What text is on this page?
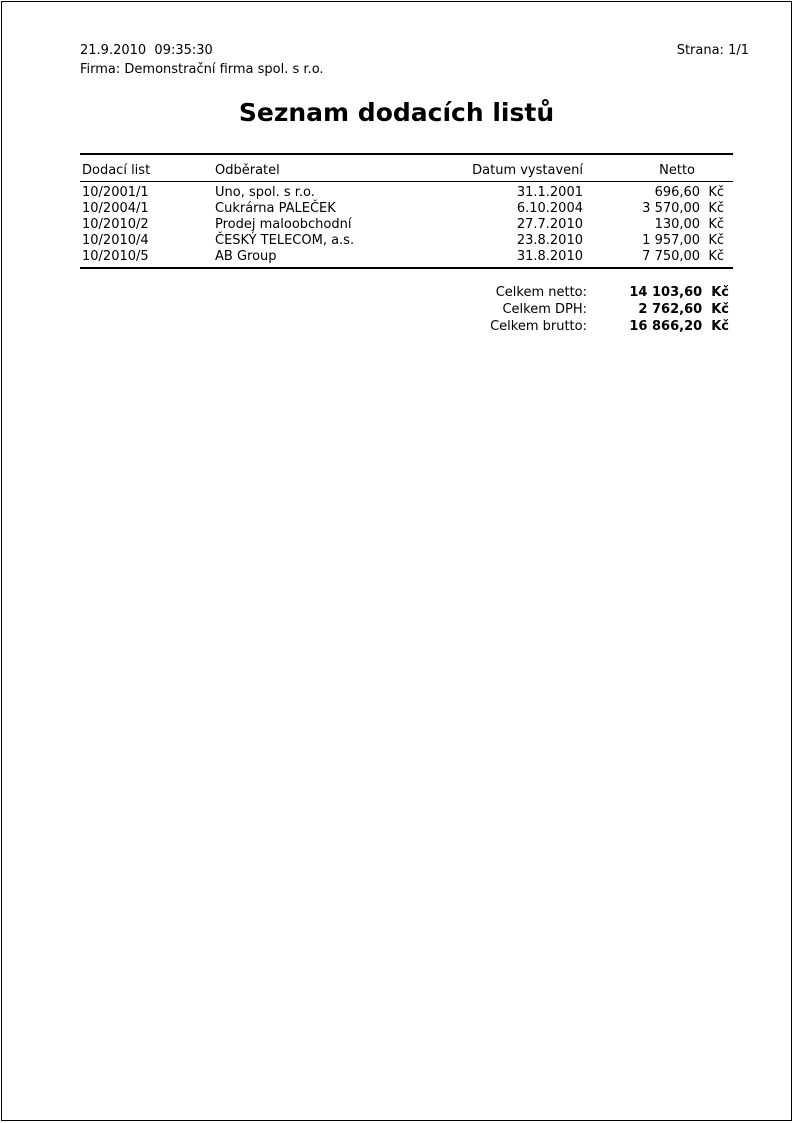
21.9.2010  09:35:30
Firma: Demonstrační firma spol. s r.o.
Strana: 1/1
Seznam dodacích listů
Dodací list	Odběratel	Datum vystavení	Netto
10/2001/1	Uno, spol. s r.o.	31.1.2001	696,60  Kč
10/2004/1	Cukrárna PALEČEK	6.10.2004	3 570,00  Kč
10/2010/2	Prodej maloobchodní	27.7.2010	130,00  Kč
10/2010/4	ČESKÝ TELECOM, a.s.	23.8.2010	1 957,00  Kč
10/2010/5	AB Group	31.8.2010	7 750,00  Kč
Celkem netto:	14 103,60  Kč
Celkem DPH:	2 762,60  Kč
Celkem brutto:	16 866,20  Kč
